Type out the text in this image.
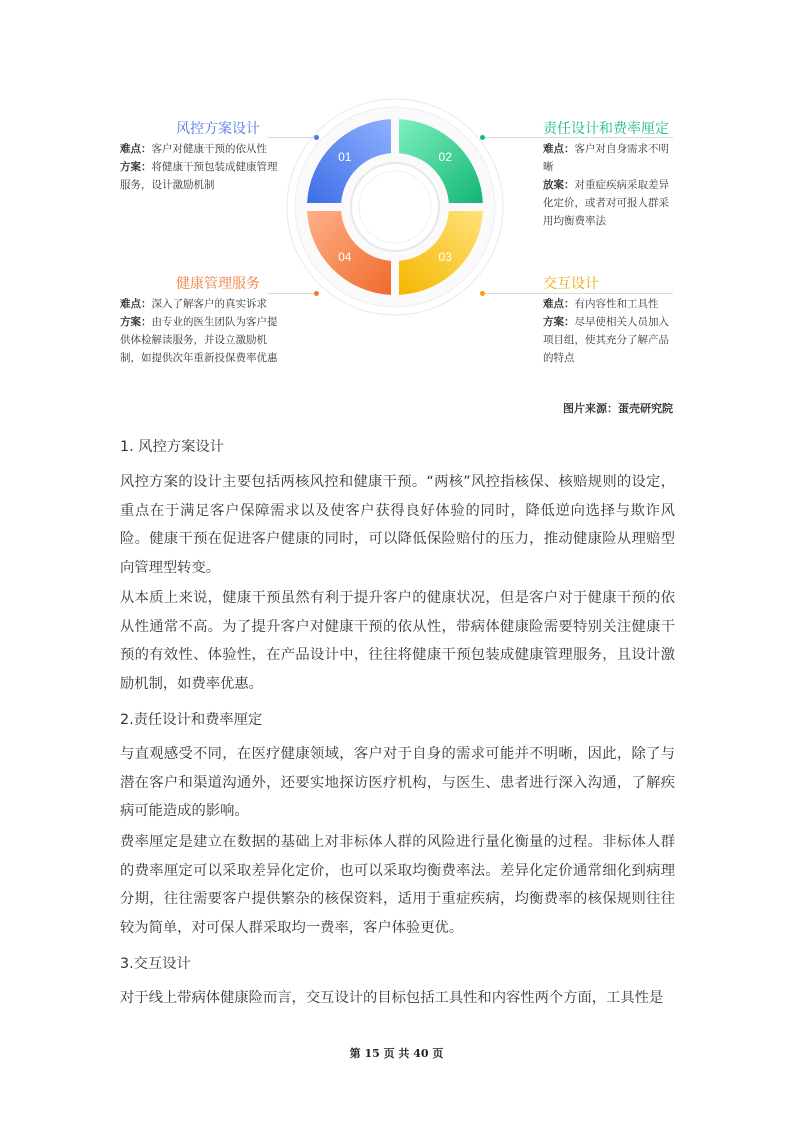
01	02
03
04
风控方案设计
难点：客户对健康干预的依从性
方案：将健康干预包装成健康管理服务，设计激励机制
责任设计和费率厘定
难点：客户对自身需求不明晰
放案：对重症疾病采取差异化定价，或者对可报人群采用均衡费率法
健康管理服务
难点：深入了解客户的真实诉求
方案：由专业的医生团队为客户提供体检解读服务，并设立激励机制，如提供次年重新投保费率优惠
交互设计
难点：有内容性和工具性
方案：尽早使相关人员加入项目组，使其充分了解产品的特点
图片来源：蛋壳研究院
1. 风控方案设计
风控方案的设计主要包括两核风控和健康干预。“两核”风控指核保、核赔规则的设定，重点在于满足客户保障需求以及使客户获得良好体验的同时，降低逆向选择与欺诈风险。健康干预在促进客户健康的同时，可以降低保险赔付的压力，推动健康险从理赔型向管理型转变。
从本质上来说，健康干预虽然有利于提升客户的健康状况，但是客户对于健康干预的依从性通常不高。为了提升客户对健康干预的依从性，带病体健康险需要特别关注健康干预的有效性、体验性，在产品设计中，往往将健康干预包装成健康管理服务，且设计激励机制，如费率优惠。
2.责任设计和费率厘定
与直观感受不同，在医疗健康领域，客户对于自身的需求可能并不明晰，因此，除了与潜在客户和渠道沟通外，还要实地探访医疗机构，与医生、患者进行深入沟通，了解疾病可能造成的影响。
费率厘定是建立在数据的基础上对非标体人群的风险进行量化衡量的过程。非标体人群的费率厘定可以采取差异化定价，也可以采取均衡费率法。差异化定价通常细化到病理分期，往往需要客户提供繁杂的核保资料，适用于重症疾病，均衡费率的核保规则往往较为简单，对可保人群采取均一费率，客户体验更优。
3.交互设计
对于线上带病体健康险而言，交互设计的目标包括工具性和内容性两个方面，工具性是
第 15 页 共 40 页
